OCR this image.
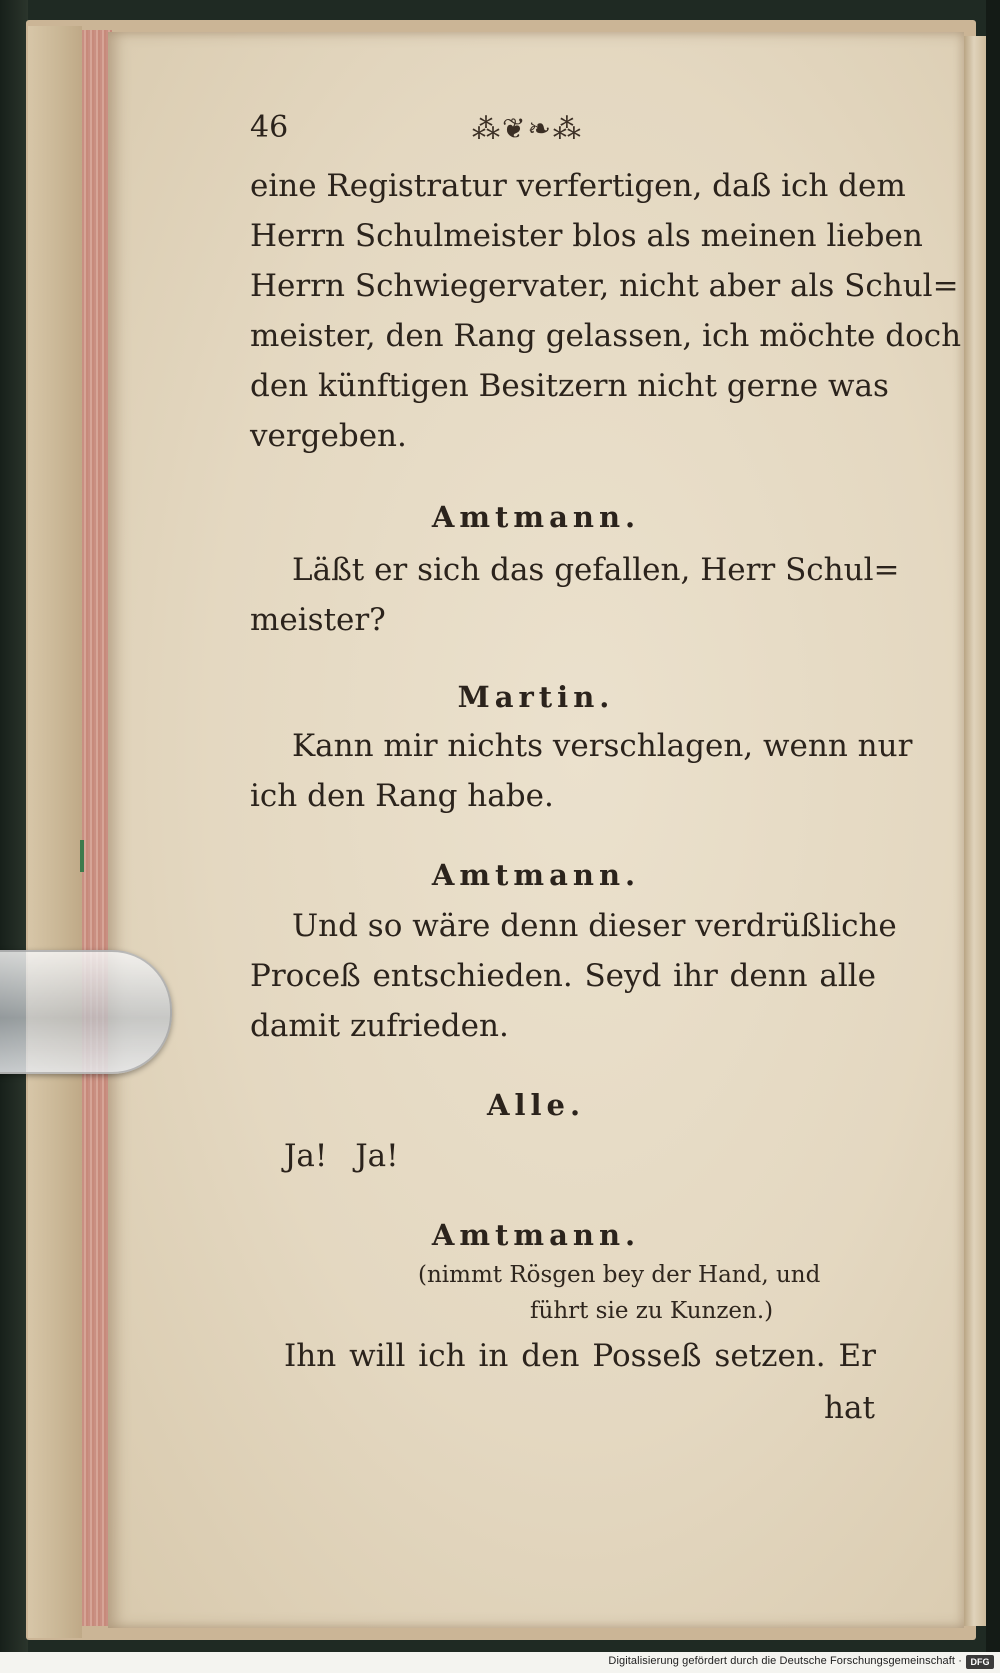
46	⁂❦❧⁂
eine Registratur verfertigen, daß ich dem
Herrn Schulmeister blos als meinen lieben
Herrn Schwiegervater, nicht aber als Schul=
meister, den Rang gelassen, ich möchte doch
den künftigen Besitzern nicht gerne was
vergeben.
Amtmann.
Läßt er sich das gefallen, Herr Schul=
meister?
Martin.
Kann mir nichts verschlagen, wenn nur
ich den Rang habe.
Amtmann.
Und so wäre denn dieser verdrüßliche
Proceß entschieden. Seyd ihr denn alle
damit zufrieden.
Alle.
Ja! Ja!
Amtmann.
(nimmt Rösgen bey der Hand, und
führt sie zu Kunzen.)
Ihn will ich in den Posseß setzen. Er
hat
Digitalisierung gefördert durch die Deutsche Forschungsgemeinschaft · DFG
